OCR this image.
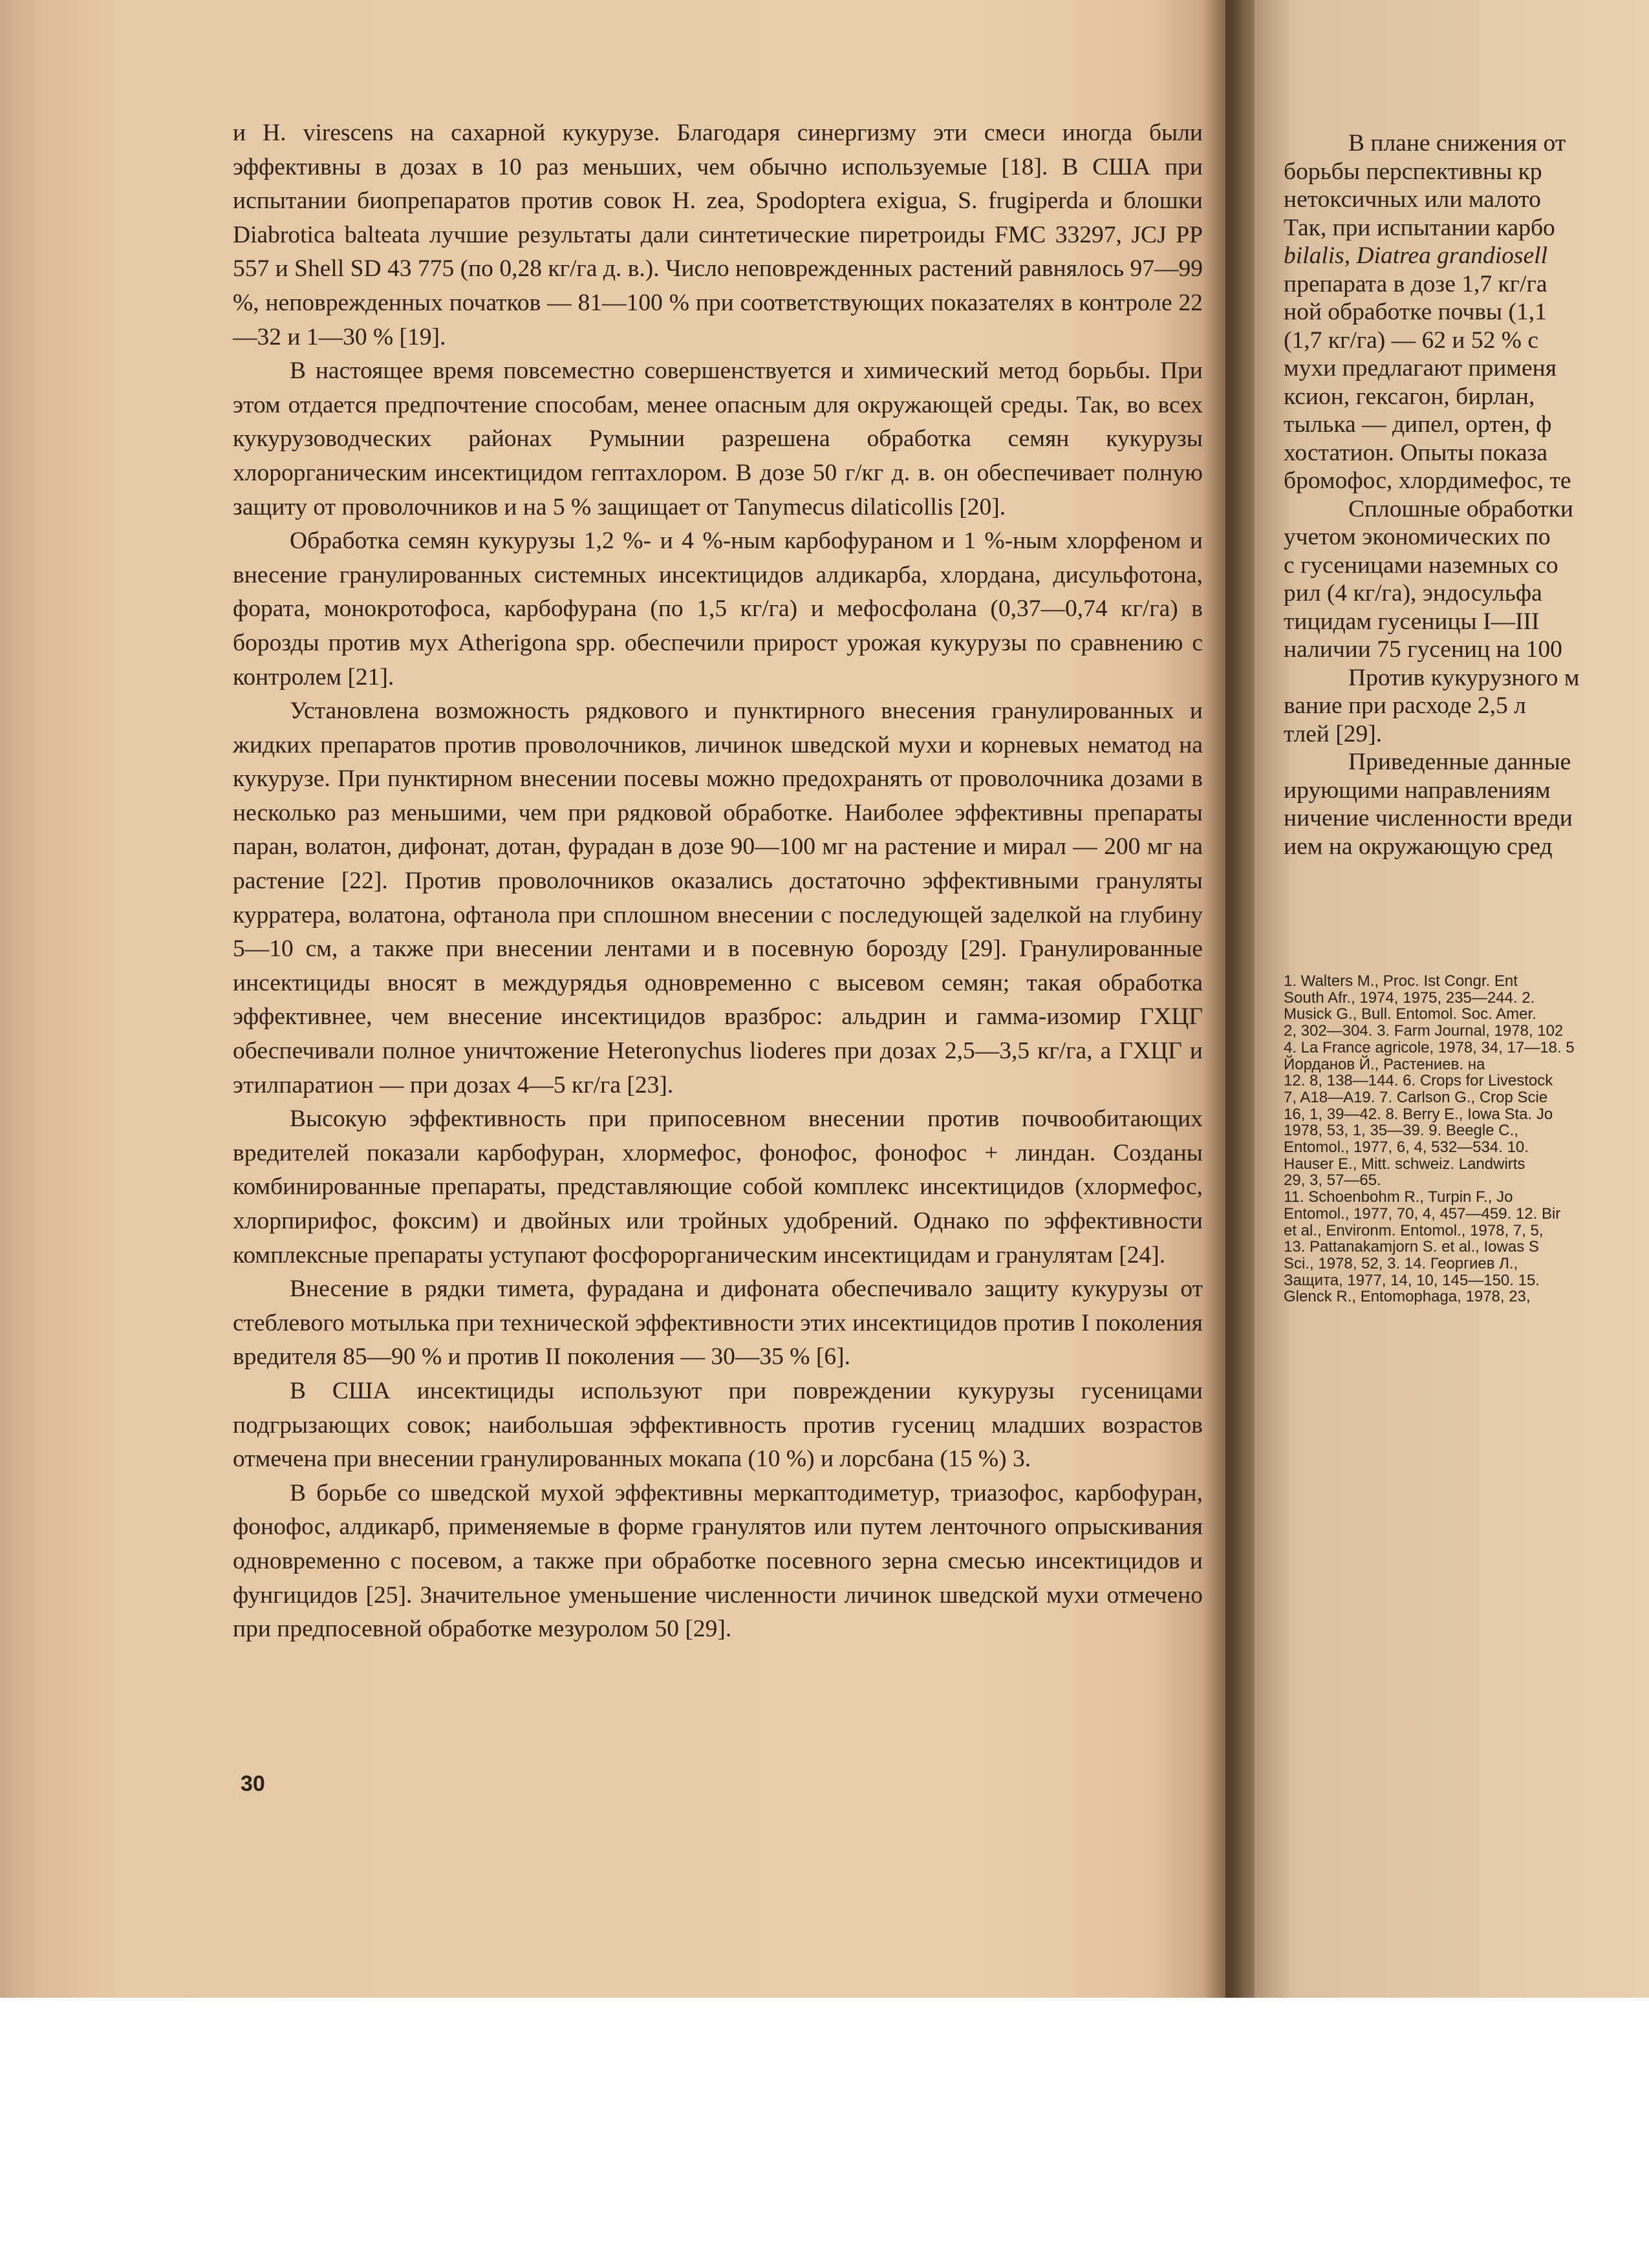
и H. virescens на сахарной кукурузе. Благодаря синергизму эти смеси иногда были эффективны в дозах в 10 раз меньших, чем обычно используемые [18]. В США при испытании биопрепаратов против совок H. zea, Spodoptera exigua, S. frugiperda и блошки Diabrotica balteata лучшие результаты дали синтетические пиретроиды FMC 33297, JCJ PP 557 и Shell SD 43 775 (по 0,28 кг/га д. в.). Число неповрежденных растений равнялось 97—99 %, неповрежденных початков — 81—100 % при соответствующих показателях в контроле 22—32 и 1—30 % [19].

В настоящее время повсеместно совершенствуется и химический метод борьбы. При этом отдается предпочтение способам, менее опасным для окружающей среды. Так, во всех кукурузоводческих районах Румынии разрешена обработка семян кукурузы хлорорганическим инсектицидом гептахлором. В дозе 50 г/кг д. в. он обеспечивает полную защиту от проволочников и на 5 % защищает от Tanymecus dilaticollis [20].

Обработка семян кукурузы 1,2 %- и 4 %-ным карбофураном и 1 %-ным хлорфеном и внесение гранулированных системных инсектицидов алдикарба, хлордана, дисульфотона, фората, монокротофоса, карбофурана (по 1,5 кг/га) и мефосфолана (0,37—0,74 кг/га) в борозды против мух Atherigona spp. обеспечили прирост урожая кукурузы по сравнению с контролем [21].

Установлена возможность рядкового и пунктирного внесения гранулированных и жидких препаратов против проволочников, личинок шведской мухи и корневых нематод на кукурузе. При пунктирном внесении посевы можно предохранять от проволочника дозами в несколько раз меньшими, чем при рядковой обработке. Наиболее эффективны препараты паран, волатон, дифонат, дотан, фурадан в дозе 90—100 мг на растение и мирал — 200 мг на растение [22]. Против проволочников оказались достаточно эффективными грануляты курратера, волатона, офтанола при сплошном внесении с последующей заделкой на глубину 5—10 см, а также при внесении лентами и в посевную борозду [29]. Гранулированные инсектициды вносят в междурядья одновременно с высевом семян; такая обработка эффективнее, чем внесение инсектицидов вразброс: альдрин и гамма-изомир ГХЦГ обеспечивали полное уничтожение Heteronychus lioderes при дозах 2,5—3,5 кг/га, а ГХЦГ и этилпаратион — при дозах 4—5 кг/га [23].

Высокую эффективность при припосевном внесении против почвообитающих вредителей показали карбофуран, хлормефос, фонофос, фонофос + линдан. Созданы комбинированные препараты, представляющие собой комплекс инсектицидов (хлормефос, хлорпирифос, фоксим) и двойных или тройных удобрений. Однако по эффективности комплексные препараты уступают фосфорорганическим инсектицидам и гранулятам [24].

Внесение в рядки тимета, фурадана и дифоната обеспечивало защиту кукурузы от стеблевого мотылька при технической эффективности этих инсектицидов против I поколения вредителя 85—90 % и против II поколения — 30—35 % [6].

В США инсектициды используют при повреждении кукурузы гусеницами подгрызающих совок; наибольшая эффективность против гусениц младших возрастов отмечена при внесении гранулированных мокапа (10 %) и лорсбана (15 %) 3.

В борьбе со шведской мухой эффективны меркаптодиметур, триазофос, карбофуран, фонофос, алдикарб, применяемые в форме гранулятов или путем ленточного опрыскивания одновременно с посевом, а также при обработке посевного зерна смесью инсектицидов и фунгицидов [25]. Значительное уменьшение численности личинок шведской мухи отмечено при предпосевной обработке мезуролом 50 [29].

30
В плане снижения от
борьбы перспективны кр
нетоксичных или малото
Так, при испытании карбо
bilalis, Diatrea grandiosell
препарата в дозе 1,7 кг/га
ной обработке почвы (1,1
(1,7 кг/га) — 62 и 52 % с
мухи предлагают применя
ксион, гексагон, бирлан,
тылька — дипел, ортен, ф
хостатион. Опыты показа
бромофос, хлордимефос, те
Сплошные обработки
учетом экономических по
с гусеницами наземных со
рил (4 кг/га), эндосульфа
тицидам гусеницы I—III
наличии 75 гусениц на 100
Против кукурузного м
вание при расходе 2,5 л
тлей [29].
Приведенные данные
ирующими направлениям
ничение численности вреди
ием на окружающую сред
1. Walters M., Proc. Ist Congr. Ent
South Afr., 1974, 1975, 235—244. 2.
Musick G., Bull. Entomol. Soc. Amer.
2, 302—304. 3. Farm Journal, 1978, 102
4. La France agricole, 1978, 34, 17—18. 5
Йорданов Й., Растениев. на
12. 8, 138—144. 6. Crops for Livestock
7, A18—A19. 7. Carlson G., Crop Scie
16, 1, 39—42. 8. Berry E., Iowa Sta. Jo
1978, 53, 1, 35—39. 9. Beegle C.,
Entomol., 1977, 6, 4, 532—534. 10.
Hauser E., Mitt. schweiz. Landwirts
29, 3, 57—65.
11. Schoenbohm R., Turpin F., Jo
Entomol., 1977, 70, 4, 457—459. 12. Bir
et al., Environm. Entomol., 1978, 7, 5,
13. Pattanakamjorn S. et al., Iowas S
Sci., 1978, 52, 3. 14. Георгиев Л.,
Защита, 1977, 14, 10, 145—150. 15.
Glenck R., Entomophaga, 1978, 23,
